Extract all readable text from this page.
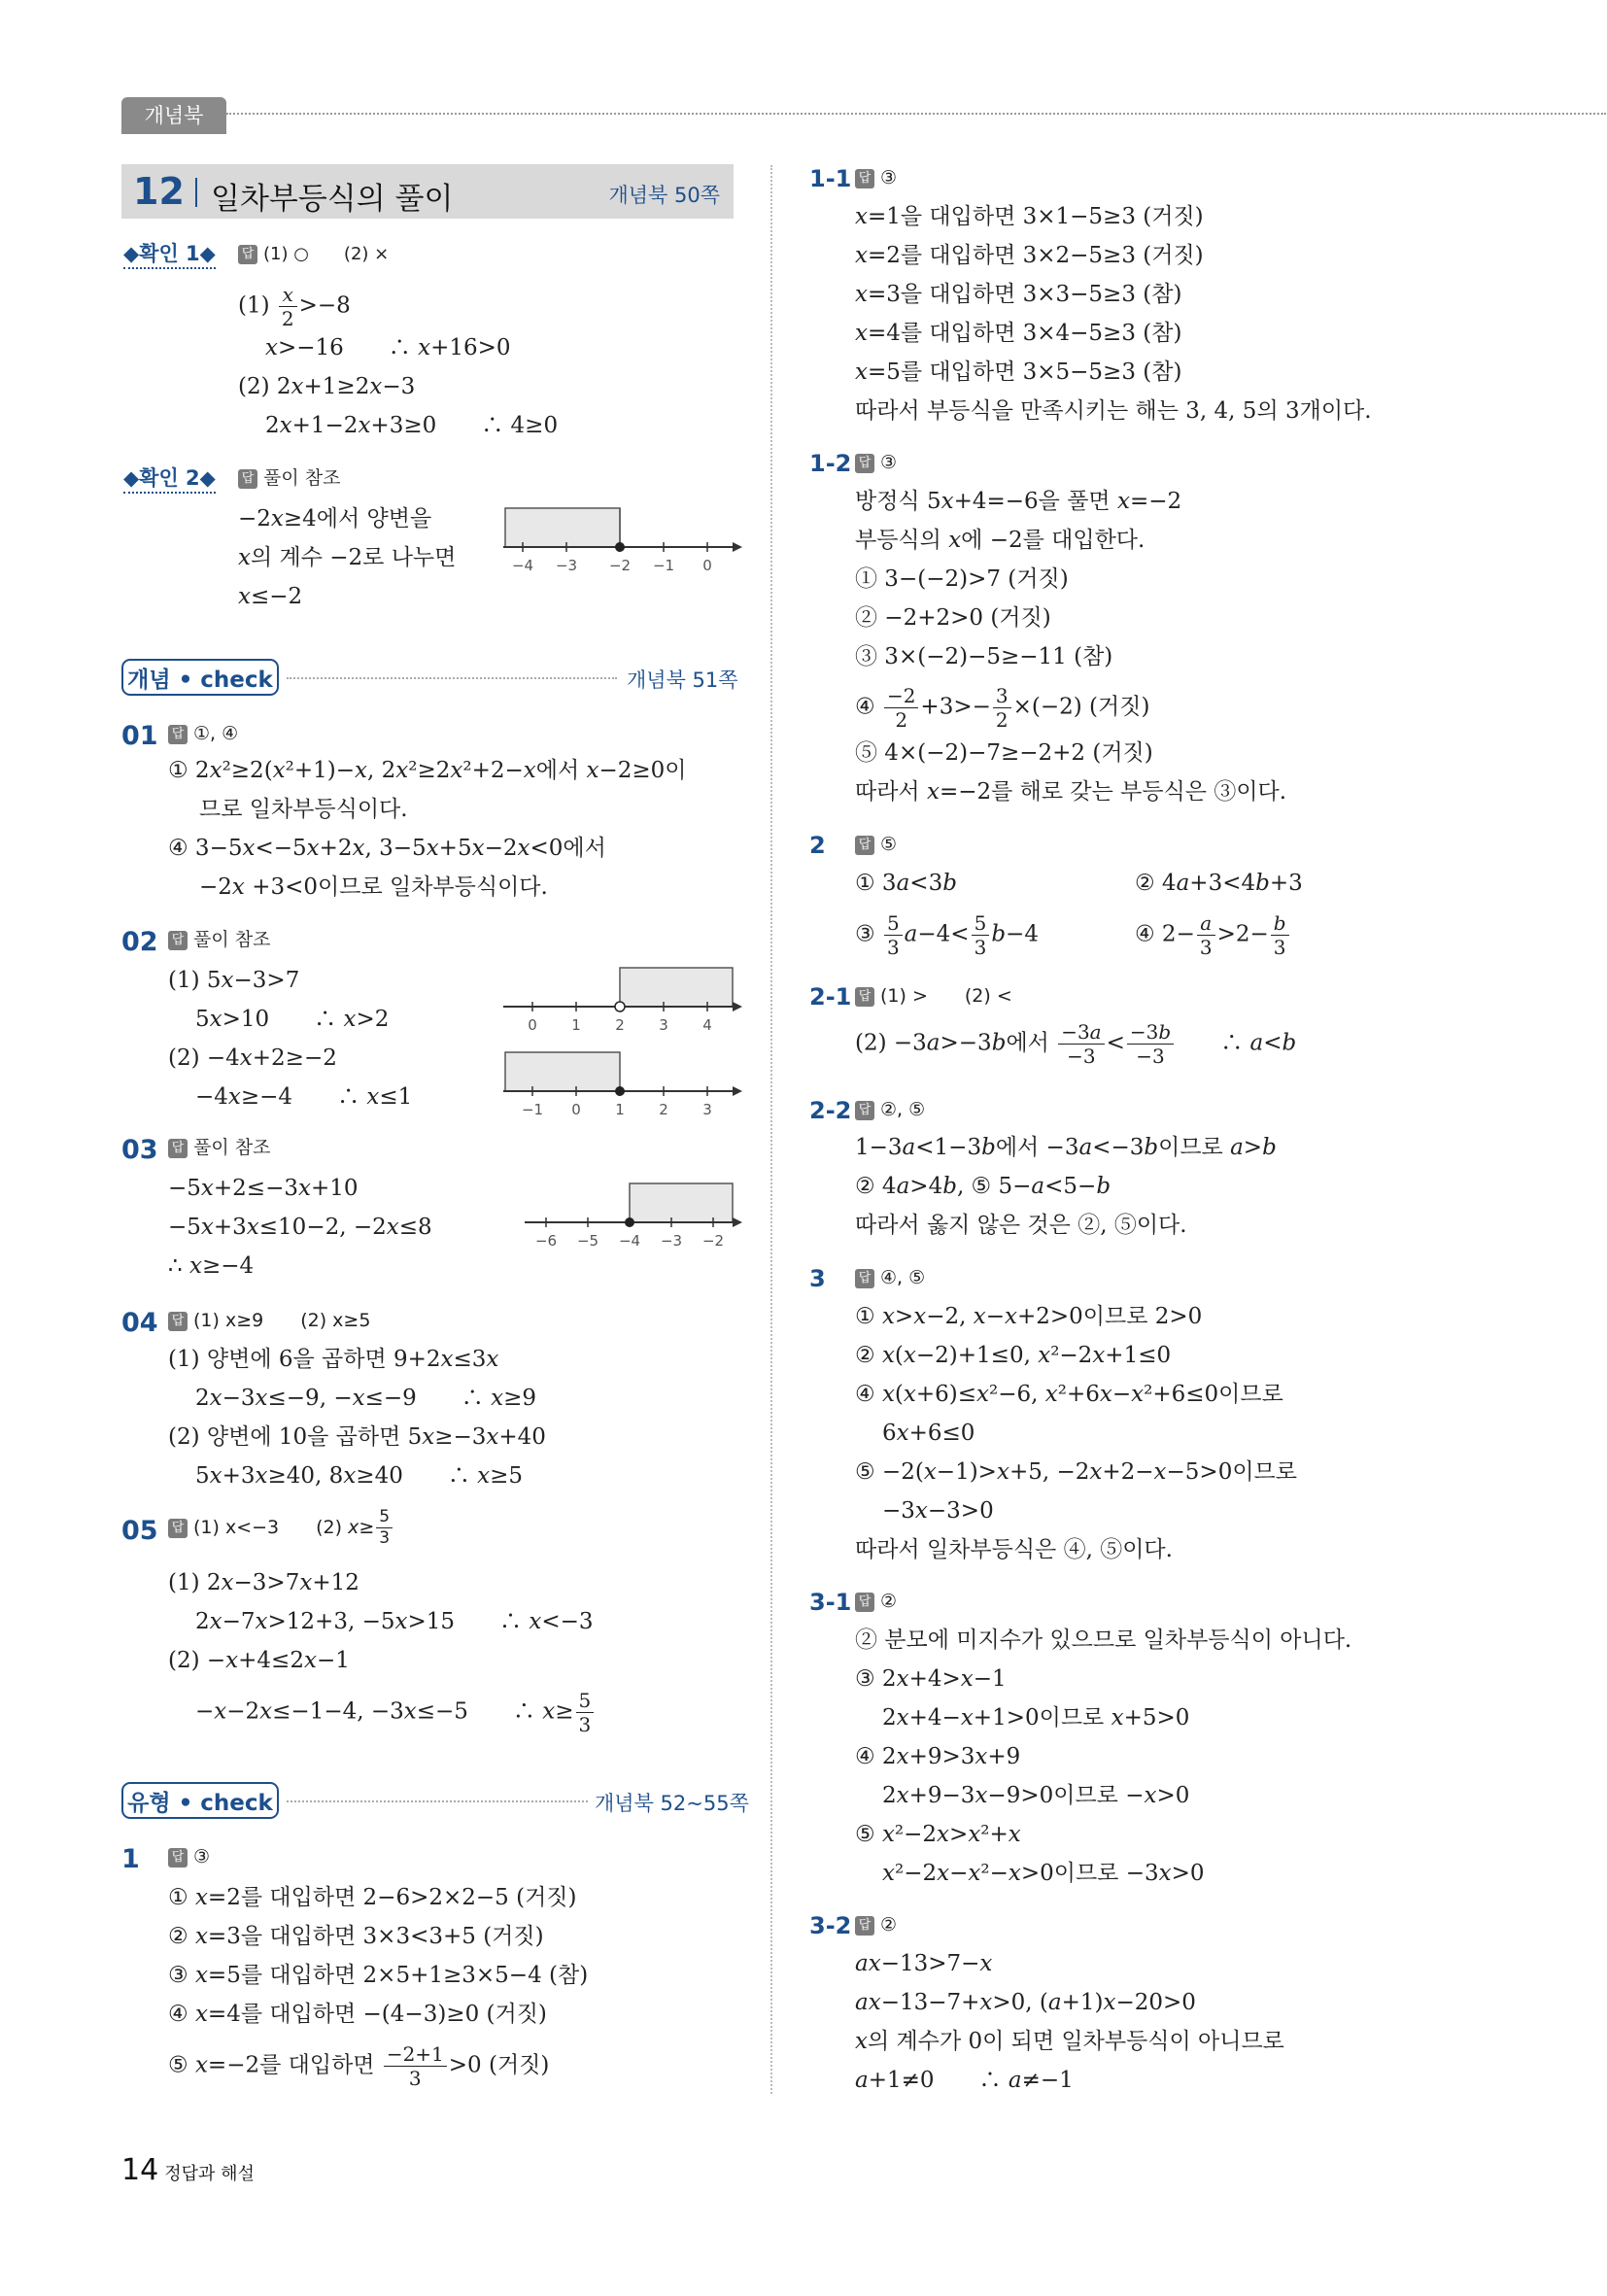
개념북
12 일차부등식의 풀이	개념북 50쪽
◆확인 1◆ 답 (1) ○　　(2) ×
$(1) \frac{x}{2} >-8$
x>−16　　∴ x+16>0
(2) 2x+1≥2x−3
2x+1−2x+3≥0　　∴ 4≥0
◆확인 2◆ 답 풀이 참조
−2x≥4에서 양변을
x의 계수 −2로 나누면
x≤−2
−4 −3 −2 −1 0
개념 • check	개념북 51쪽
01 답 ①, ④
① 2x²≥2(x²+1)−x, 2x²≥2x²+2−x에서 x−2≥0이
므로 일차부등식이다.
④ 3−5x<−5x+2x, 3−5x+5x−2x<0에서
−2x +3<0이므로 일차부등식이다.
02 답 풀이 참조
(1) 5x−3>7
5x>10　　∴ x>2
(2) −4x+2≥−2
−4x≥−4　　∴ x≤1
0 1 2 3 4
−1 0 1 2 3
03 답 풀이 참조
−5x+2≤−3x+10
−5x+3x≤10−2, −2x≤8
∴ x≥−4
−6 −5 −4 −3 −2
04 답 (1) x≥9　　(2) x≥5
(1) 양변에 6을 곱하면 9+2x≤3x
2x−3x≤−9, −x≤−9　　∴ x≥9
(2) 양변에 10을 곱하면 5x≥−3x+40
5x+3x≥40, 8x≥40　　∴ x≥5
05 답 (1) x<−3　　(2) $x\ge \frac{5}{3}$
(1) 2x−3>7x+12
2x−7x>12+3, −5x>15　　∴ x<−3
(2) −x+4≤2x−1
−x−2x≤−1−4, −3x≤−5　　∴ $x\ge \frac{5}{3}$
유형 • check	개념북 52~55쪽
1	답 ③
① x=2를 대입하면 2−6>2×2−5 (거짓)
② x=3을 대입하면 3×3<3+5 (거짓)
③ x=5를 대입하면 2×5+1≥3×5−4 (참)
④ x=4를 대입하면 −(4−3)≥0 (거짓)
⑤ x=−2를 대입하면 $\frac{-2+1}{3} >0$ (거짓)
1-1 답 ③
x=1을 대입하면 3×1−5≥3 (거짓)
x=2를 대입하면 3×2−5≥3 (거짓)
x=3을 대입하면 3×3−5≥3 (참)
x=4를 대입하면 3×4−5≥3 (참)
x=5를 대입하면 3×5−5≥3 (참)
따라서 부등식을 만족시키는 해는 3, 4, 5의 3개이다.
1-2 답 ③
방정식 5x+4=−6을 풀면 x=−2
부등식의 x에 −2를 대입한다.
① 3−(−2)>7 (거짓)
② −2+2>0 (거짓)
③ 3×(−2)−5≥−11 (참)
④ $\frac{-2}{2} +3>- \frac{3}{2} \times(-2)$ (거짓)
⑤ 4×(−2)−7≥−2+2 (거짓)
따라서 x=−2를 해로 갖는 부등식은 ③이다.
2	답 ⑤
① 3a<3b	② 4a+3<4b+3
③ $\frac{5}{3} a-4< \frac{5}{3} b-4$	④ $2- \frac{a}{3} >2- \frac{b}{3}$
2-1 답 (1) >　　(2) <
(2) −3a>−3b에서 $\frac{-3a}{-3} < \frac{-3b}{-3}$ 　　∴ a<b
2-2 답 ②, ⑤
1−3a<1−3b에서 −3a<−3b이므로 a>b
② 4a>4b, ⑤ 5−a<5−b
따라서 옳지 않은 것은 ②, ⑤이다.
3	답 ④, ⑤
① x>x−2, x−x+2>0이므로 2>0
② x(x−2)+1≤0, x²−2x+1≤0
④ x(x+6)≤x²−6, x²+6x−x²+6≤0이므로
6x+6≤0
⑤ −2(x−1)>x+5, −2x+2−x−5>0이므로
−3x−3>0
따라서 일차부등식은 ④, ⑤이다.
3-1 답 ②
② 분모에 미지수가 있으므로 일차부등식이 아니다.
③ 2x+4>x−1
2x+4−x+1>0이므로 x+5>0
④ 2x+9>3x+9
2x+9−3x−9>0이므로 −x>0
⑤ x²−2x>x²+x
x²−2x−x²−x>0이므로 −3x>0
3-2 답 ②
ax−13>7−x
ax−13−7+x>0, (a+1)x−20>0
x의 계수가 0이 되면 일차부등식이 아니므로
a+1≠0　　∴ a≠−1
14 정답과 해설
